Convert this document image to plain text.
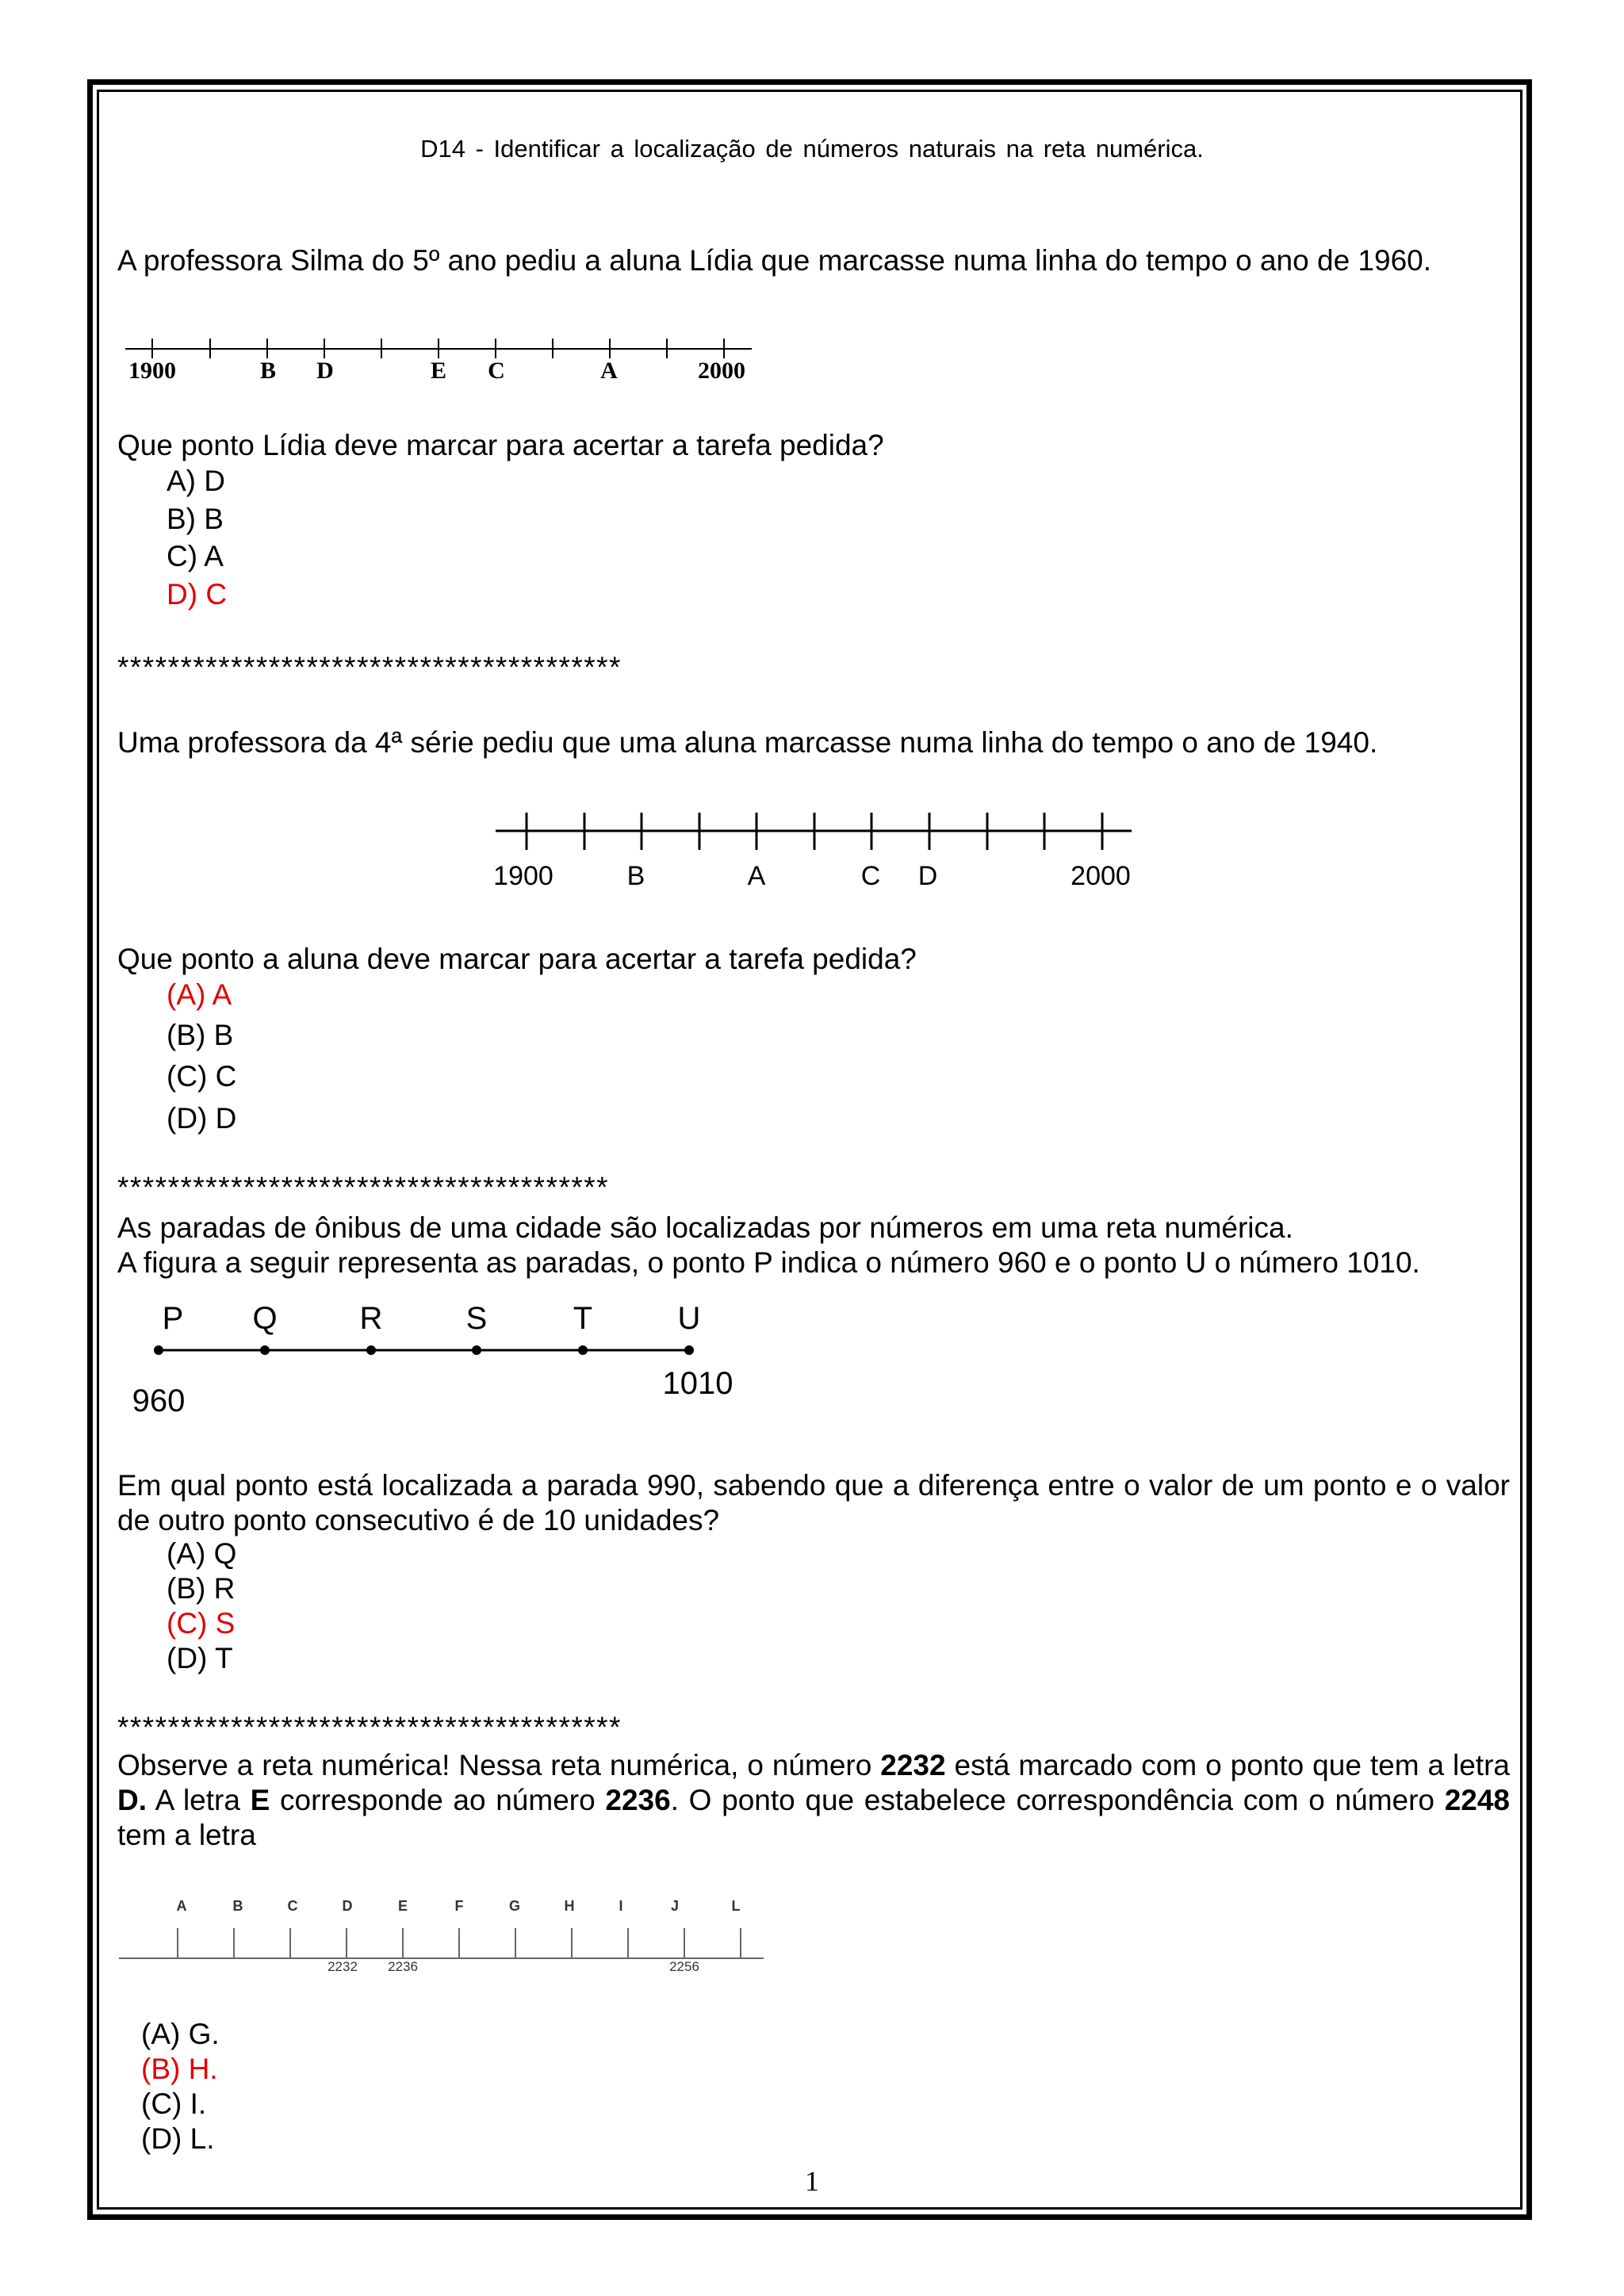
D14 - Identificar a localização de números naturais na reta numérica.
A professora Silma do 5º ano pediu a aluna Lídia que marcasse numa linha do tempo o ano de 1960.
1900	B D	E C	A	2000
Que ponto Lídia deve marcar para acertar a tarefa pedida?
A) D
B) B
C) A
D) C
****************************************
Uma professora da 4ª série pediu que uma aluna marcasse numa linha do tempo o ano de 1940.
1900	B	A	C D	2000
Que ponto a aluna deve marcar para acertar a tarefa pedida?
(A) A
(B) B
(C) C
(D) D
***************************************
As paradas de ônibus de uma cidade são localizadas por números em uma reta numérica.
A figura a seguir representa as paradas, o ponto P indica o número 960 e o ponto U o número 1010.
P Q	R	S	T	U
960	1010
Em qual ponto está localizada a parada 990, sabendo que a diferença entre o valor de um ponto e o valor de outro ponto consecutivo é de 10 unidades?
(A) Q
(B) R
(C) S
(D) T
****************************************
Observe a reta numérica! Nessa reta numérica, o número 2232 está marcado com o ponto que tem a letra D. A letra E corresponde ao número 2236. O ponto que estabelece correspondência com o número 2248 tem a letra
A	B	C	D	E	F	G	H	I	J	L
2232 2236	2256
(A) G.
(B) H.
(C) I.
(D) L.
1
